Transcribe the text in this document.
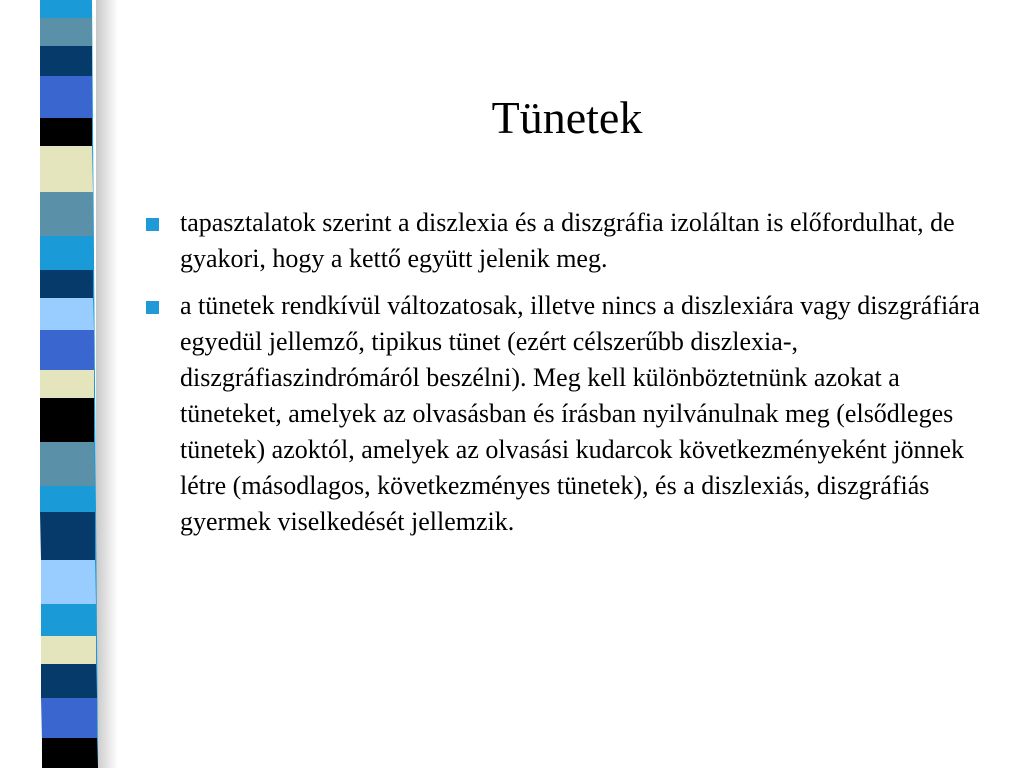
Tünetek
tapasztalatok szerint a diszlexia és a diszgráfia izoláltan is előfordulhat, de gyakori, hogy a kettő együtt jelenik meg.
a tünetek rendkívül változatosak, illetve nincs a diszlexiára vagy diszgráfiára egyedül jellemző, tipikus tünet (ezért célszerűbb diszlexia-, diszgráfiaszindrómáról beszélni). Meg kell különböztetnünk azokat a tüneteket, amelyek az olvasásban és írásban nyilvánulnak meg (elsődleges tünetek) azoktól, amelyek az olvasási kudarcok következményeként jönnek létre (másodlagos, következményes tünetek), és a diszlexiás, diszgráfiás gyermek viselkedését jellemzik.
